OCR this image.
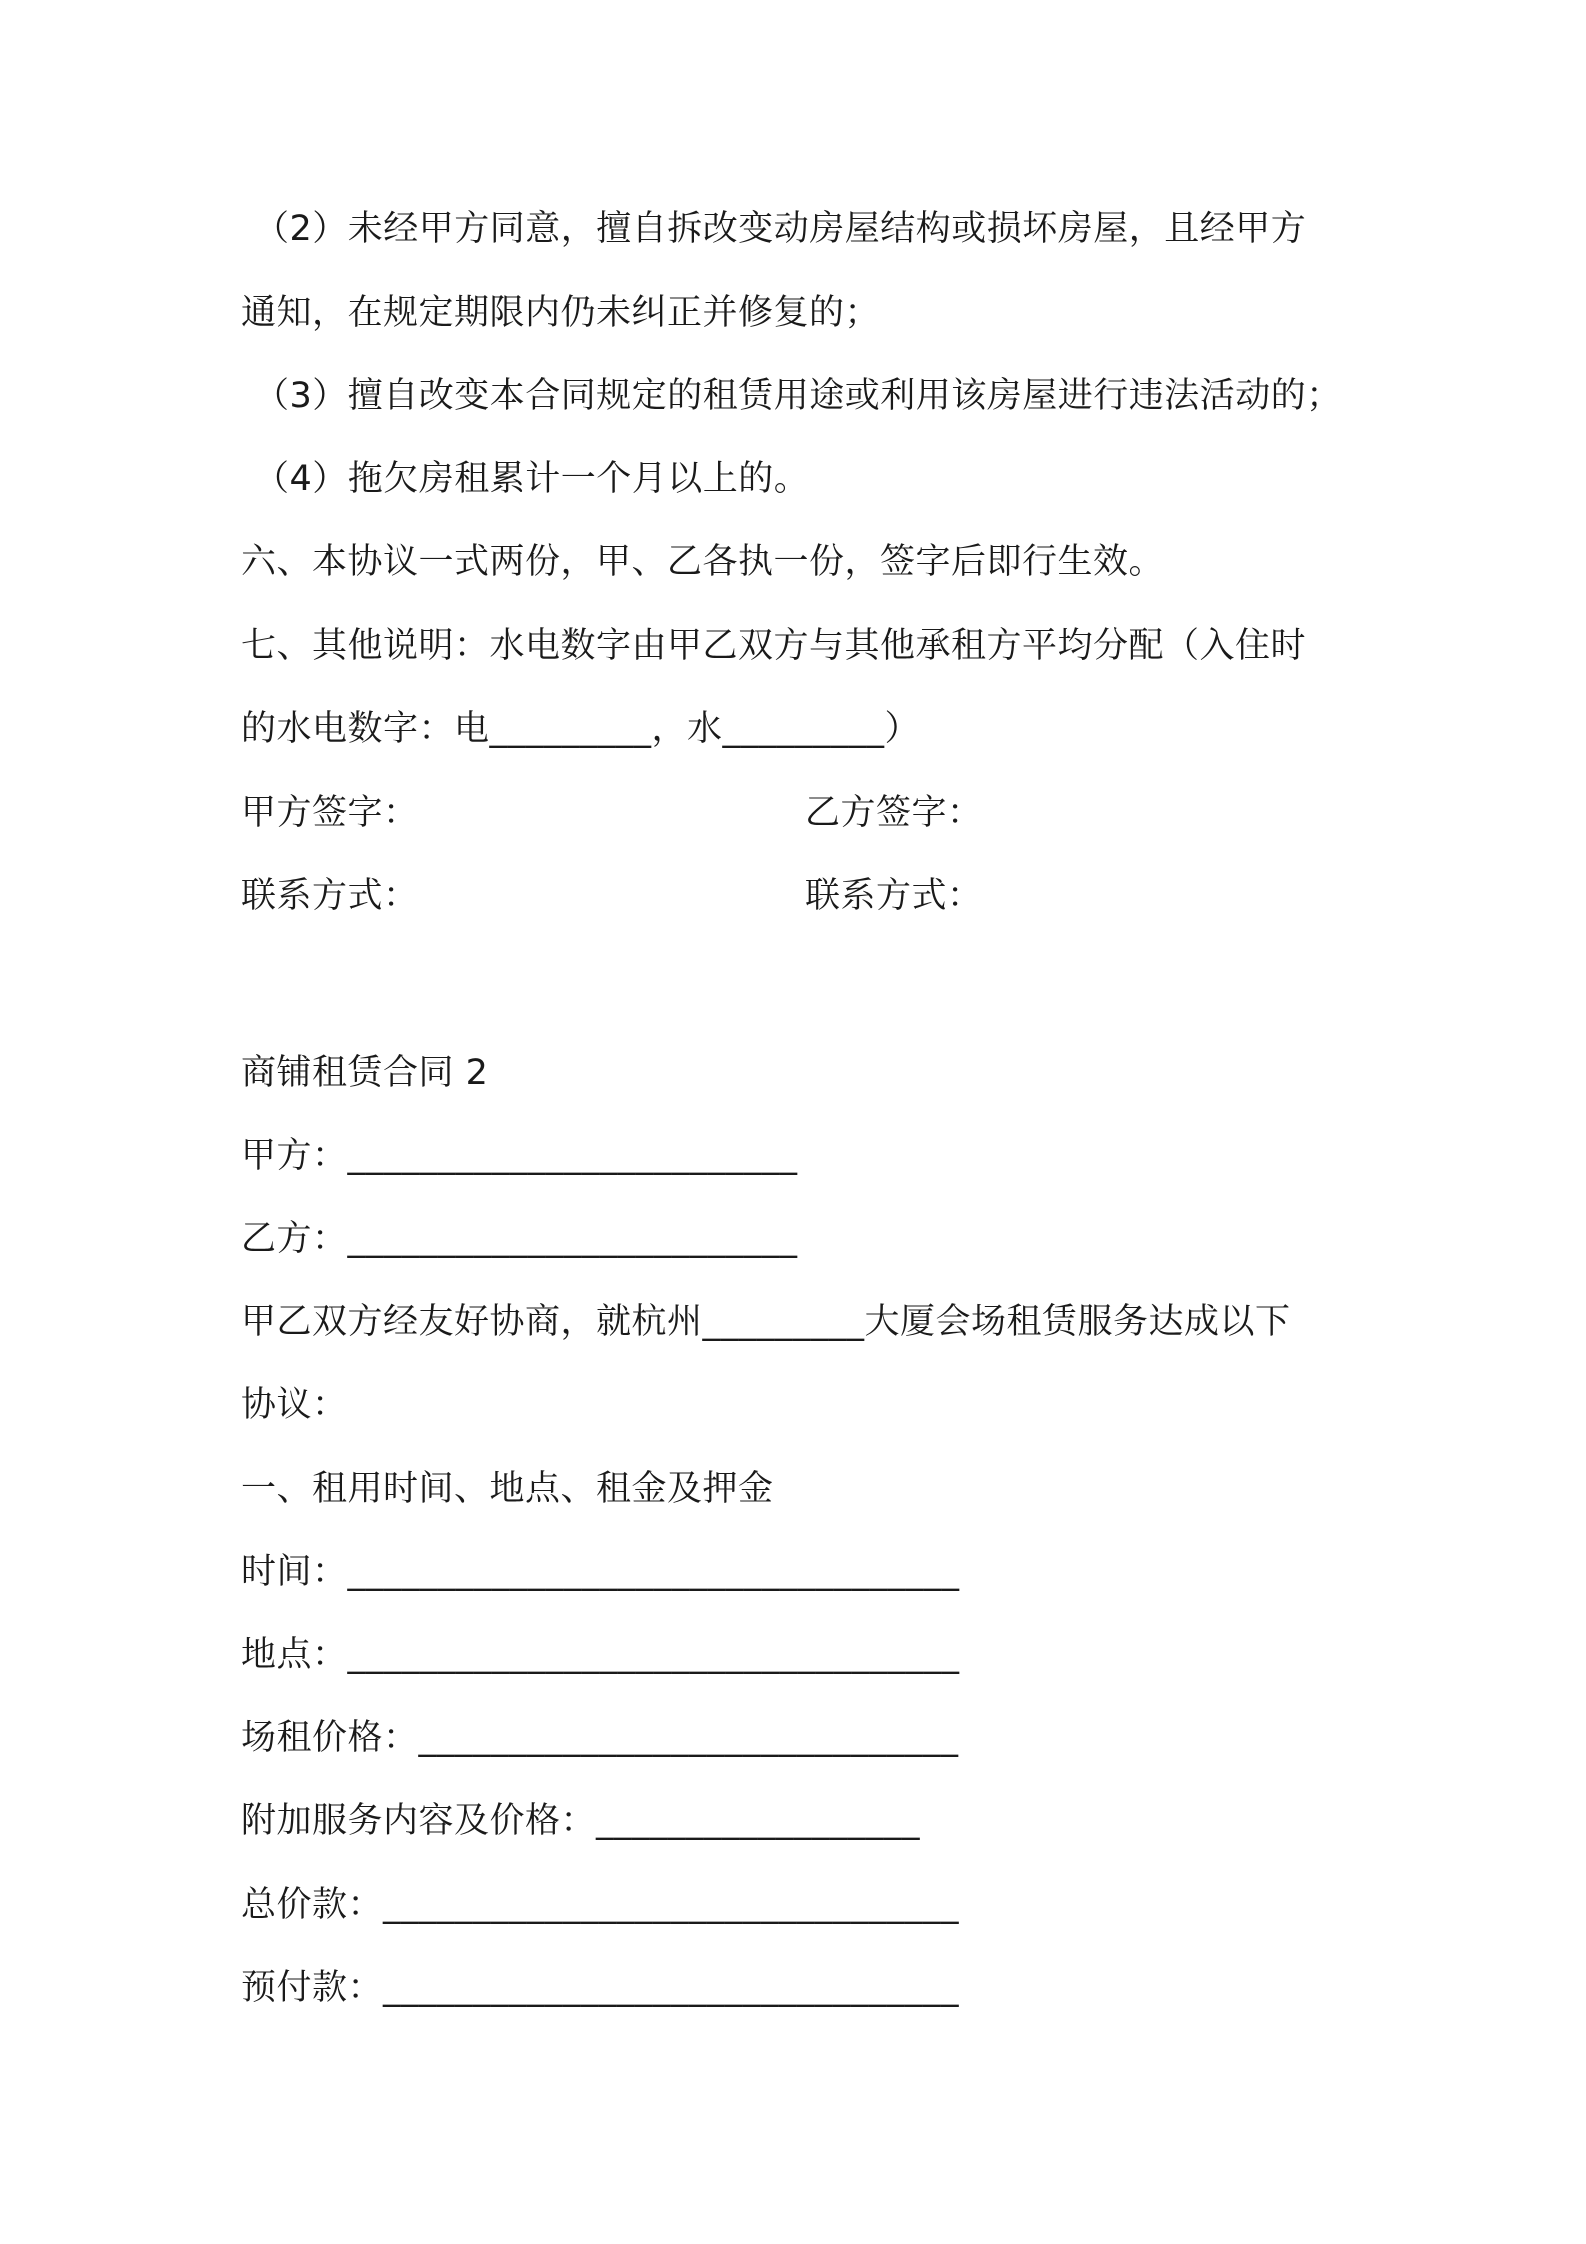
（2）未经甲方同意，擅自拆改变动房屋结构或损坏房屋，且经甲方
通知，在规定期限内仍未纠正并修复的；
（3）擅自改变本合同规定的租赁用途或利用该房屋进行违法活动的；
（4）拖欠房租累计一个月以上的。
六、本协议一式两份，甲、乙各执一份，签字后即行生效。
七、其他说明：水电数字由甲乙双方与其他承租方平均分配（入住时
的水电数字：电_________，水_________）
甲方签字：	乙方签字：
联系方式：	联系方式：
商铺租赁合同 2
甲方：_________________________
乙方：_________________________
甲乙双方经友好协商，就杭州_________大厦会场租赁服务达成以下
协议：
一、租用时间、地点、租金及押金
时间：__________________________________
地点：__________________________________
场租价格：______________________________
附加服务内容及价格：__________________
总价款：________________________________
预付款：________________________________
